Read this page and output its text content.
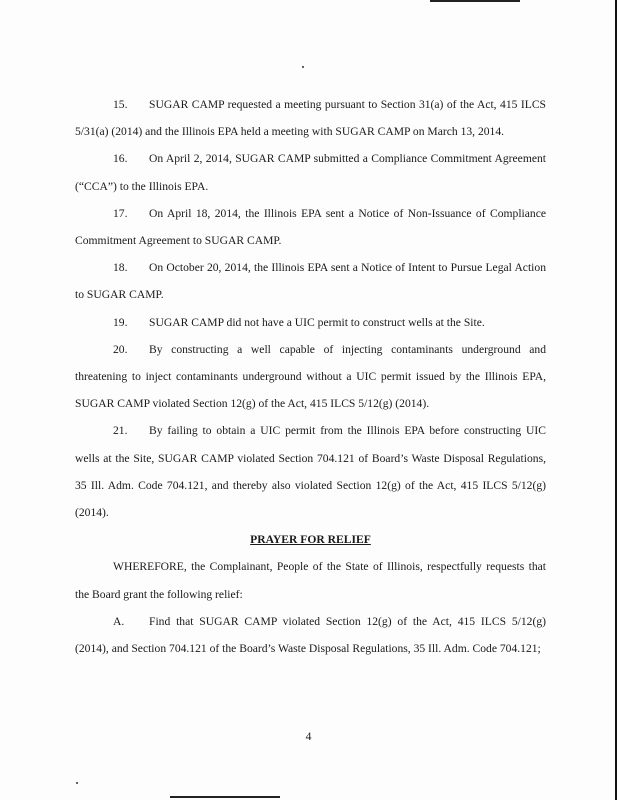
15. SUGAR CAMP requested a meeting pursuant to Section 31(a) of the Act, 415 ILCS 5/31(a) (2014) and the Illinois EPA held a meeting with SUGAR CAMP on March 13, 2014.

16. On April 2, 2014, SUGAR CAMP submitted a Compliance Commitment Agreement (“CCA”) to the Illinois EPA.

17. On April 18, 2014, the Illinois EPA sent a Notice of Non-Issuance of Compliance Commitment Agreement to SUGAR CAMP.

18. On October 20, 2014, the Illinois EPA sent a Notice of Intent to Pursue Legal Action to SUGAR CAMP.

19. SUGAR CAMP did not have a UIC permit to construct wells at the Site.

20. By constructing a well capable of injecting contaminants underground and threatening to inject contaminants underground without a UIC permit issued by the Illinois EPA, SUGAR CAMP violated Section 12(g) of the Act, 415 ILCS 5/12(g) (2014).

21. By failing to obtain a UIC permit from the Illinois EPA before constructing UIC wells at the Site, SUGAR CAMP violated Section 704.121 of Board’s Waste Disposal Regulations, 35 Ill. Adm. Code 704.121, and thereby also violated Section 12(g) of the Act, 415 ILCS 5/12(g) (2014).

PRAYER FOR RELIEF

WHEREFORE, the Complainant, People of the State of Illinois, respectfully requests that the Board grant the following relief:

A. Find that SUGAR CAMP violated Section 12(g) of the Act, 415 ILCS 5/12(g) (2014), and Section 704.121 of the Board’s Waste Disposal Regulations, 35 Ill. Adm. Code 704.121;

4
